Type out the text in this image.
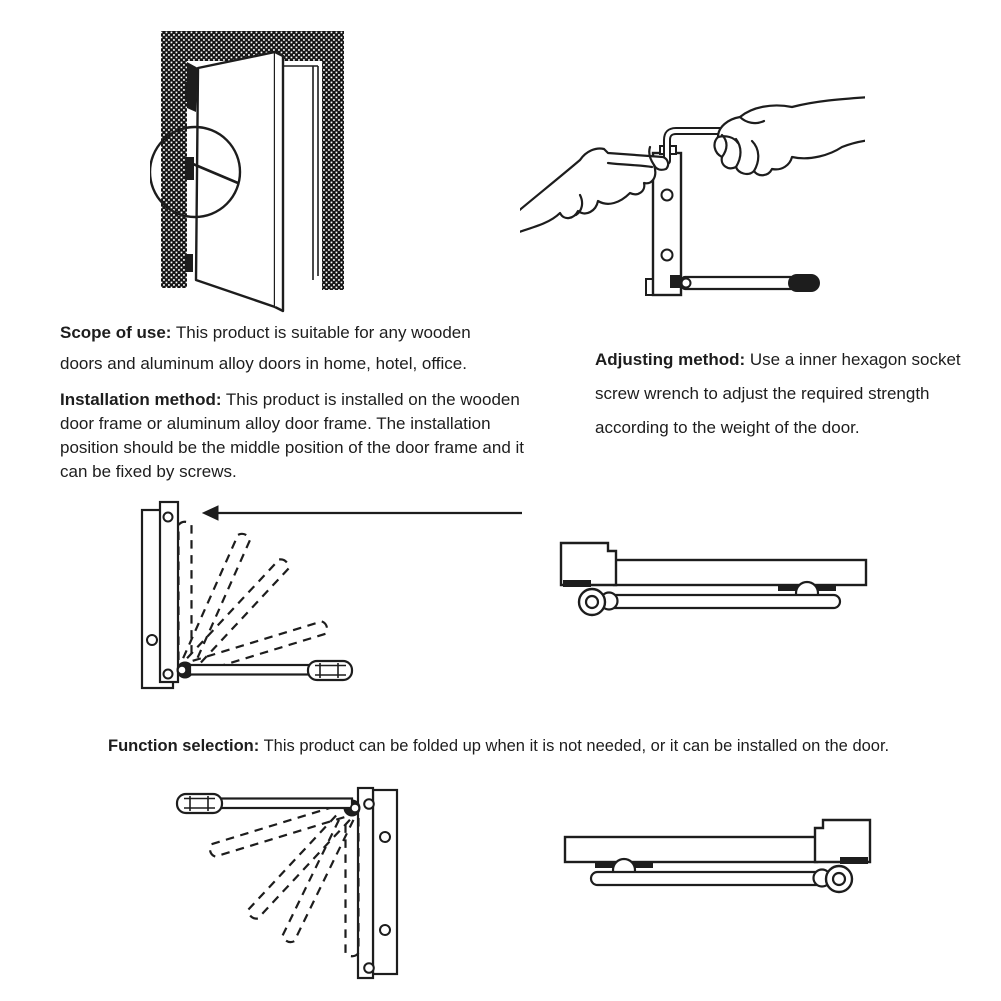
Scope of use: This product is suitable for any wooden
doors and aluminum alloy doors in home, hotel, office.	Adjusting method: Use a inner hexagon socket
screw wrench to adjust the required strength
according to the weight of the door.

Installation method: This product is installed on the wooden
door frame or aluminum alloy door frame. The installation
position should be the middle position of the door frame and it
can be fixed by screws.

Function selection: This product can be folded up when it is not needed, or it can be installed on the door.
